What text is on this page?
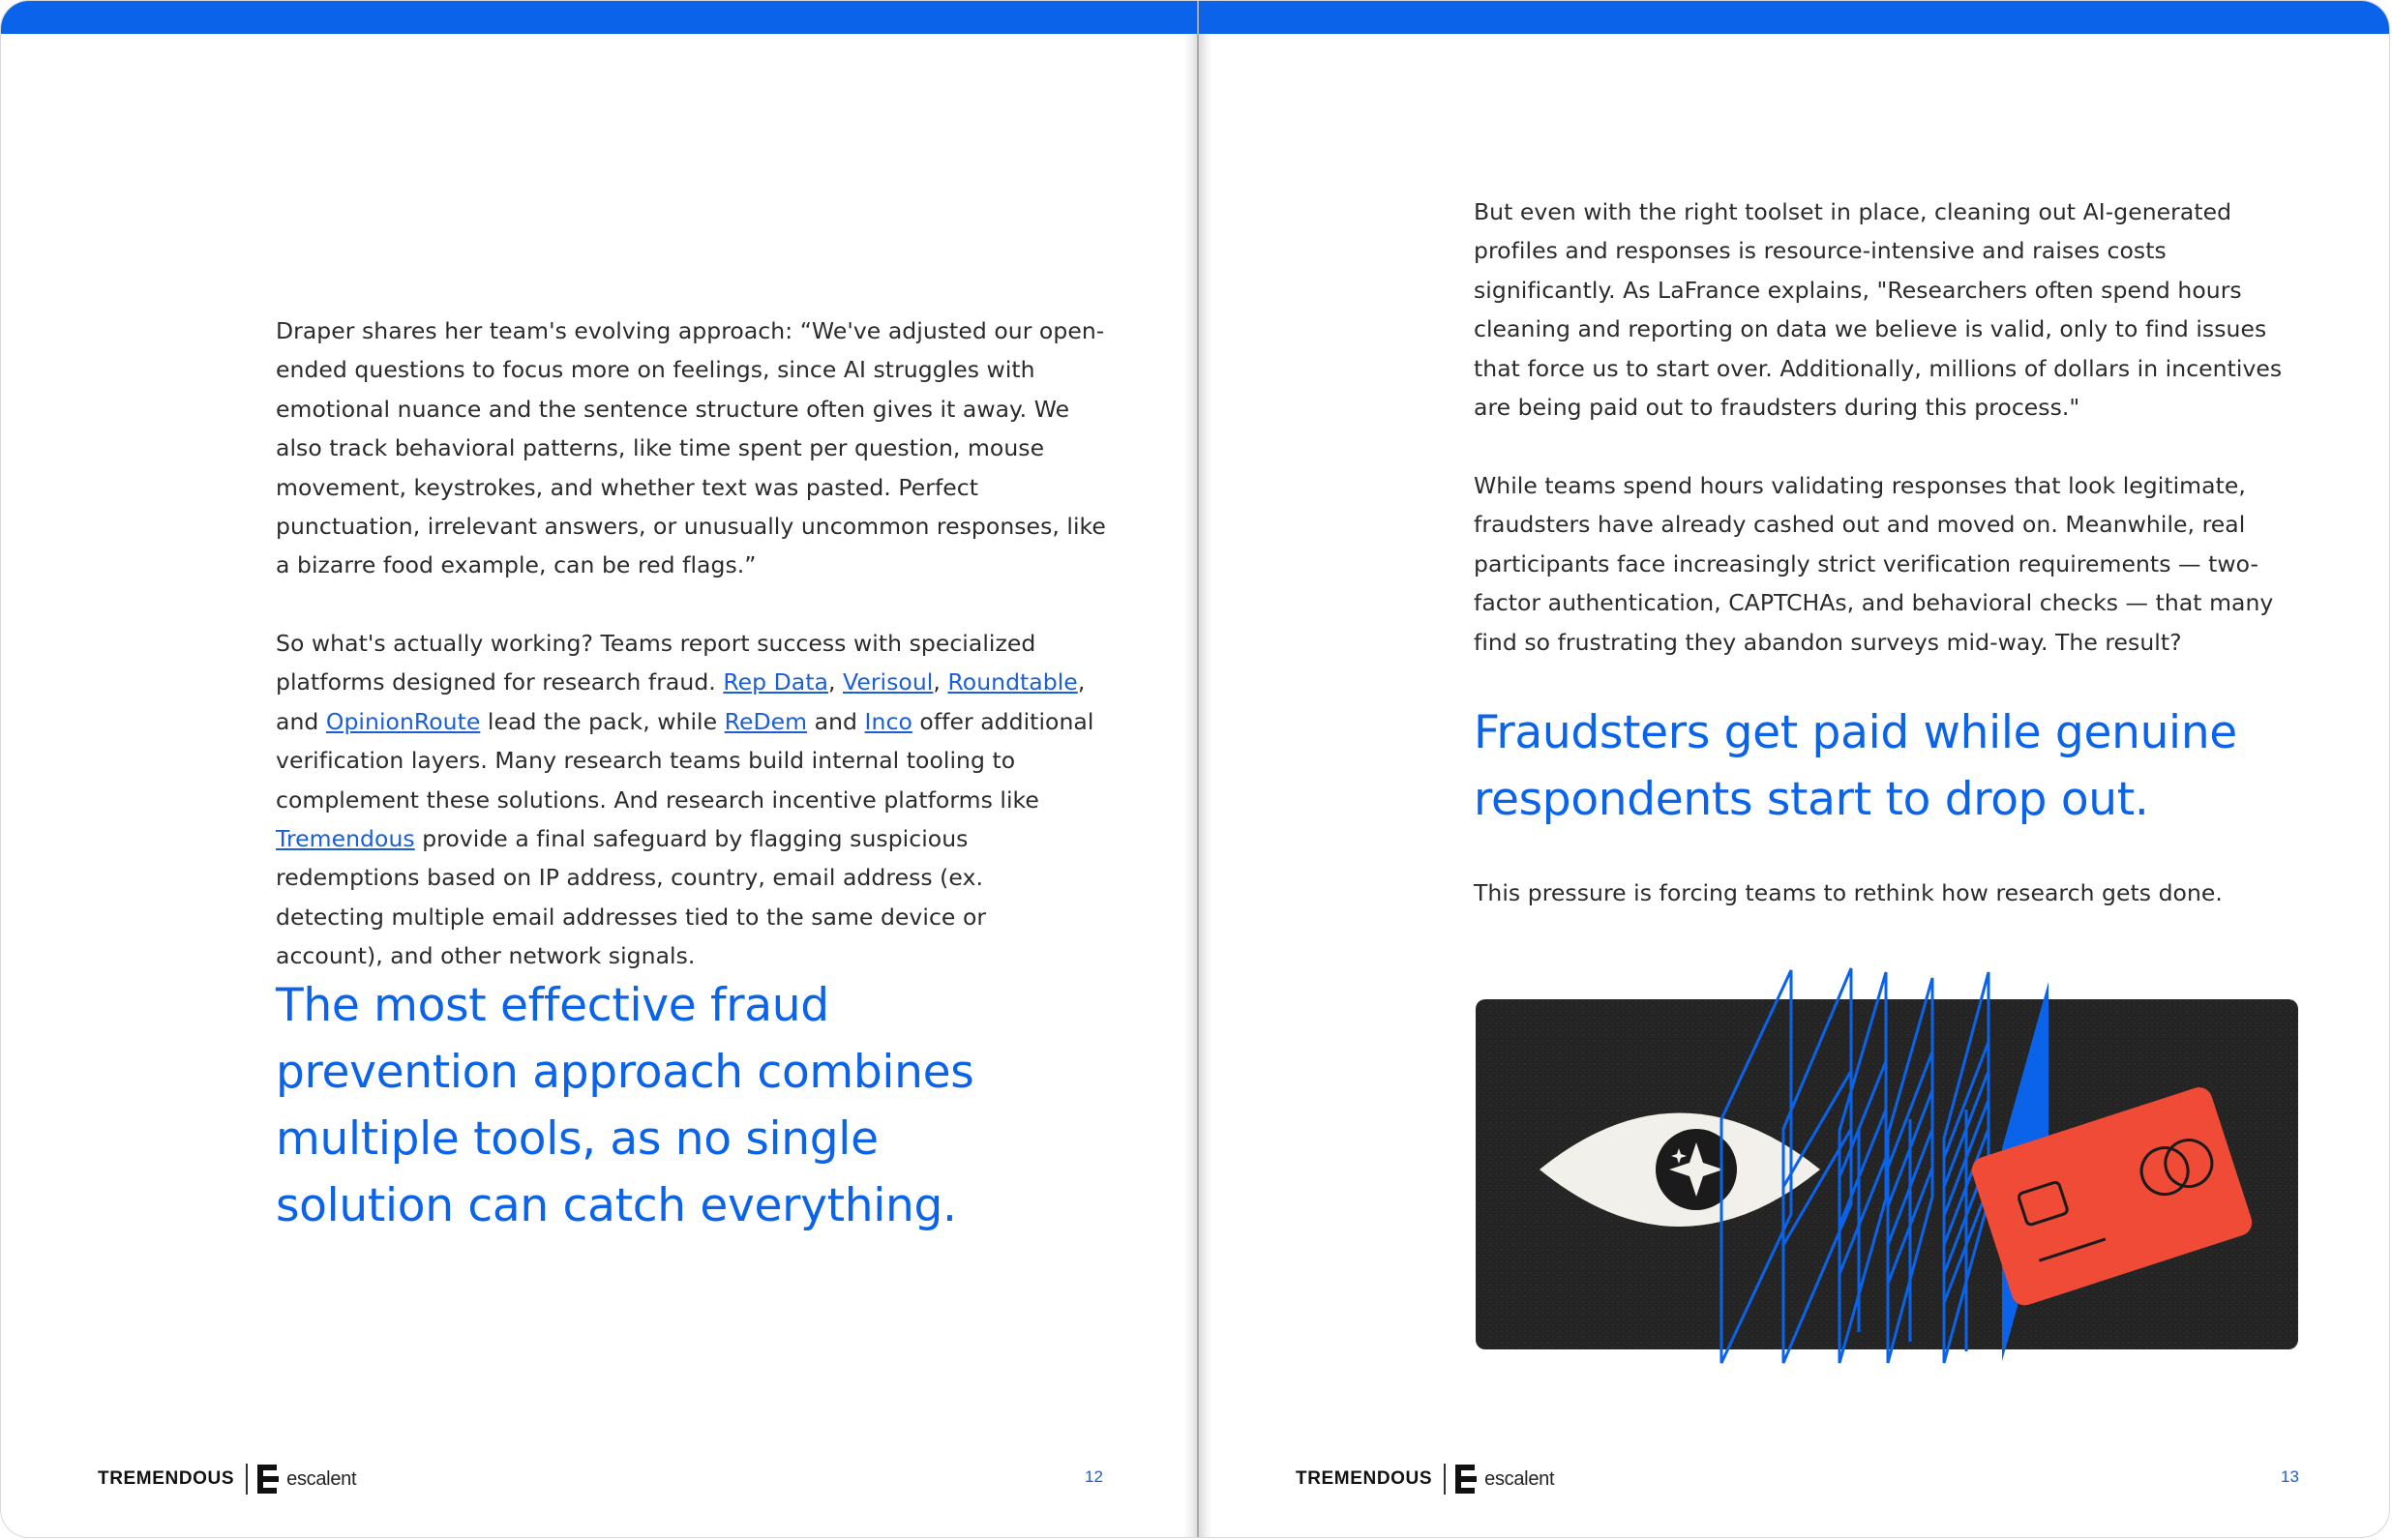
Draper shares her team's evolving approach: “We've adjusted our open-ended questions to focus more on feelings, since AI struggles with emotional nuance and the sentence structure often gives it away. We also track behavioral patterns, like time spent per question, mouse movement, keystrokes, and whether text was pasted. Perfect punctuation, irrelevant answers, or unusually uncommon responses, like a bizarre food example, can be red flags.”

So what's actually working? Teams report success with specialized platforms designed for research fraud. Rep Data, Verisoul, Roundtable, and OpinionRoute lead the pack, while ReDem and Inco offer additional verification layers. Many research teams build internal tooling to complement these solutions. And research incentive platforms like Tremendous provide a final safeguard by flagging suspicious redemptions based on IP address, country, email address (ex. detecting multiple email addresses tied to the same device or account), and other network signals.

The most effective fraud prevention approach combines multiple tools, as no single solution can catch everything.
TREMENDOUS	escalent	12

But even with the right toolset in place, cleaning out AI-generated profiles and responses is resource-intensive and raises costs significantly. As LaFrance explains, "Researchers often spend hours cleaning and reporting on data we believe is valid, only to find issues that force us to start over. Additionally, millions of dollars in incentives are being paid out to fraudsters during this process."

While teams spend hours validating responses that look legitimate, fraudsters have already cashed out and moved on. Meanwhile, real participants face increasingly strict verification requirements — two-factor authentication, CAPTCHAs, and behavioral checks — that many find so frustrating they abandon surveys mid-way. The result?

Fraudsters get paid while genuine respondents start to drop out.

This pressure is forcing teams to rethink how research gets done.

TREMENDOUS	escalent	13
